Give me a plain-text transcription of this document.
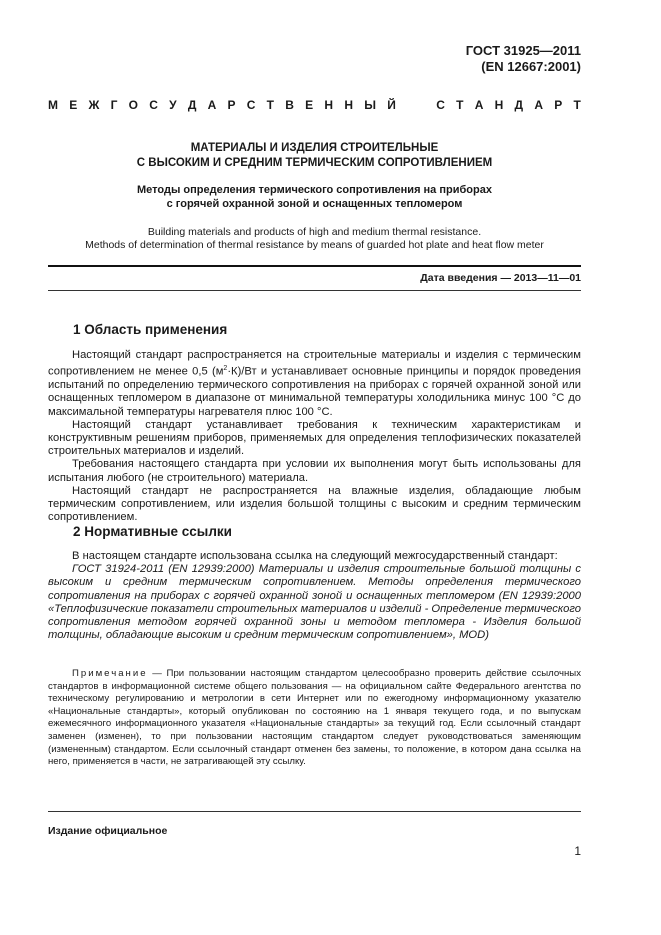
ГОСТ 31925—2011
(EN 12667:2001)
М Е Ж Г О С У Д А Р С Т В Е Н Н Ы Й

	С Т А Н Д А Р Т
МАТЕРИАЛЫ И ИЗДЕЛИЯ СТРОИТЕЛЬНЫЕ
С ВЫСОКИМ И СРЕДНИМ ТЕРМИЧЕСКИМ СОПРОТИВЛЕНИЕМ
Методы определения термического сопротивления на приборах
с горячей охранной зоной и оснащенных тепломером
Building materials and products of high and medium thermal resistance.
Methods of determination of thermal resistance by means of guarded hot plate and heat flow meter
Дата введения — 2013—11—01
1 Область применения

Настоящий стандарт распространяется на строительные материалы и изделия с термическим сопротивлением не менее 0,5 $(м^2\cdot К)/Вт$ и устанавливает основные принципы и порядок проведения испытаний по определению термического сопротивления на приборах с горячей охранной зоной или оснащенных тепломером в диапазоне от минимальной температуры холодильника минус 100 °С до максимальной температуры нагревателя плюс 100 °С.

Настоящий стандарт устанавливает требования к техническим характеристикам и конструктивным решениям приборов, применяемых для определения теплофизических показателей строительных материалов и изделий.

Требования настоящего стандарта при условии их выполнения могут быть использованы для испытания любого (не строительного) материала.

Настоящий стандарт не распространяется на влажные изделия, обладающие любым термическим сопротивлением, или изделия большой толщины с высоким и средним термическим сопротивлением.

2 Нормативные ссылки

В настоящем стандарте использована ссылка на следующий межгосударственный стандарт:

ГОСТ 31924-2011 (EN 12939:2000) Материалы и изделия строительные большой толщины с высоким и средним термическим сопротивлением. Методы определения термического сопротивления на приборах с горячей охранной зоной и оснащенных тепломером (EN 12939:2000 «Теплофизические показатели строительных материалов и изделий - Определение термического сопротивления методом горячей охранной зоны и методом тепломера - Изделия большой толщины, обладающие высоким и средним термическим сопротивлением», MOD)

Примечание — При пользовании настоящим стандартом целесообразно проверить действие ссылочных стандартов в информационной системе общего пользования — на официальном сайте Федерального агентства по техническому регулированию и метрологии в сети Интернет или по ежегодному информационному указателю «Национальные стандарты», который опубликован по состоянию на 1 января текущего года, и по выпускам ежемесячного информационного указателя «Национальные стандарты» за текущий год. Если ссылочный стандарт заменен (изменен), то при пользовании настоящим стандартом следует руководствоваться заменяющим (измененным) стандартом. Если ссылочный стандарт отменен без замены, то положение, в котором дана ссылка на него, применяется в части, не затрагивающей эту ссылку.

Издание официальное
1
